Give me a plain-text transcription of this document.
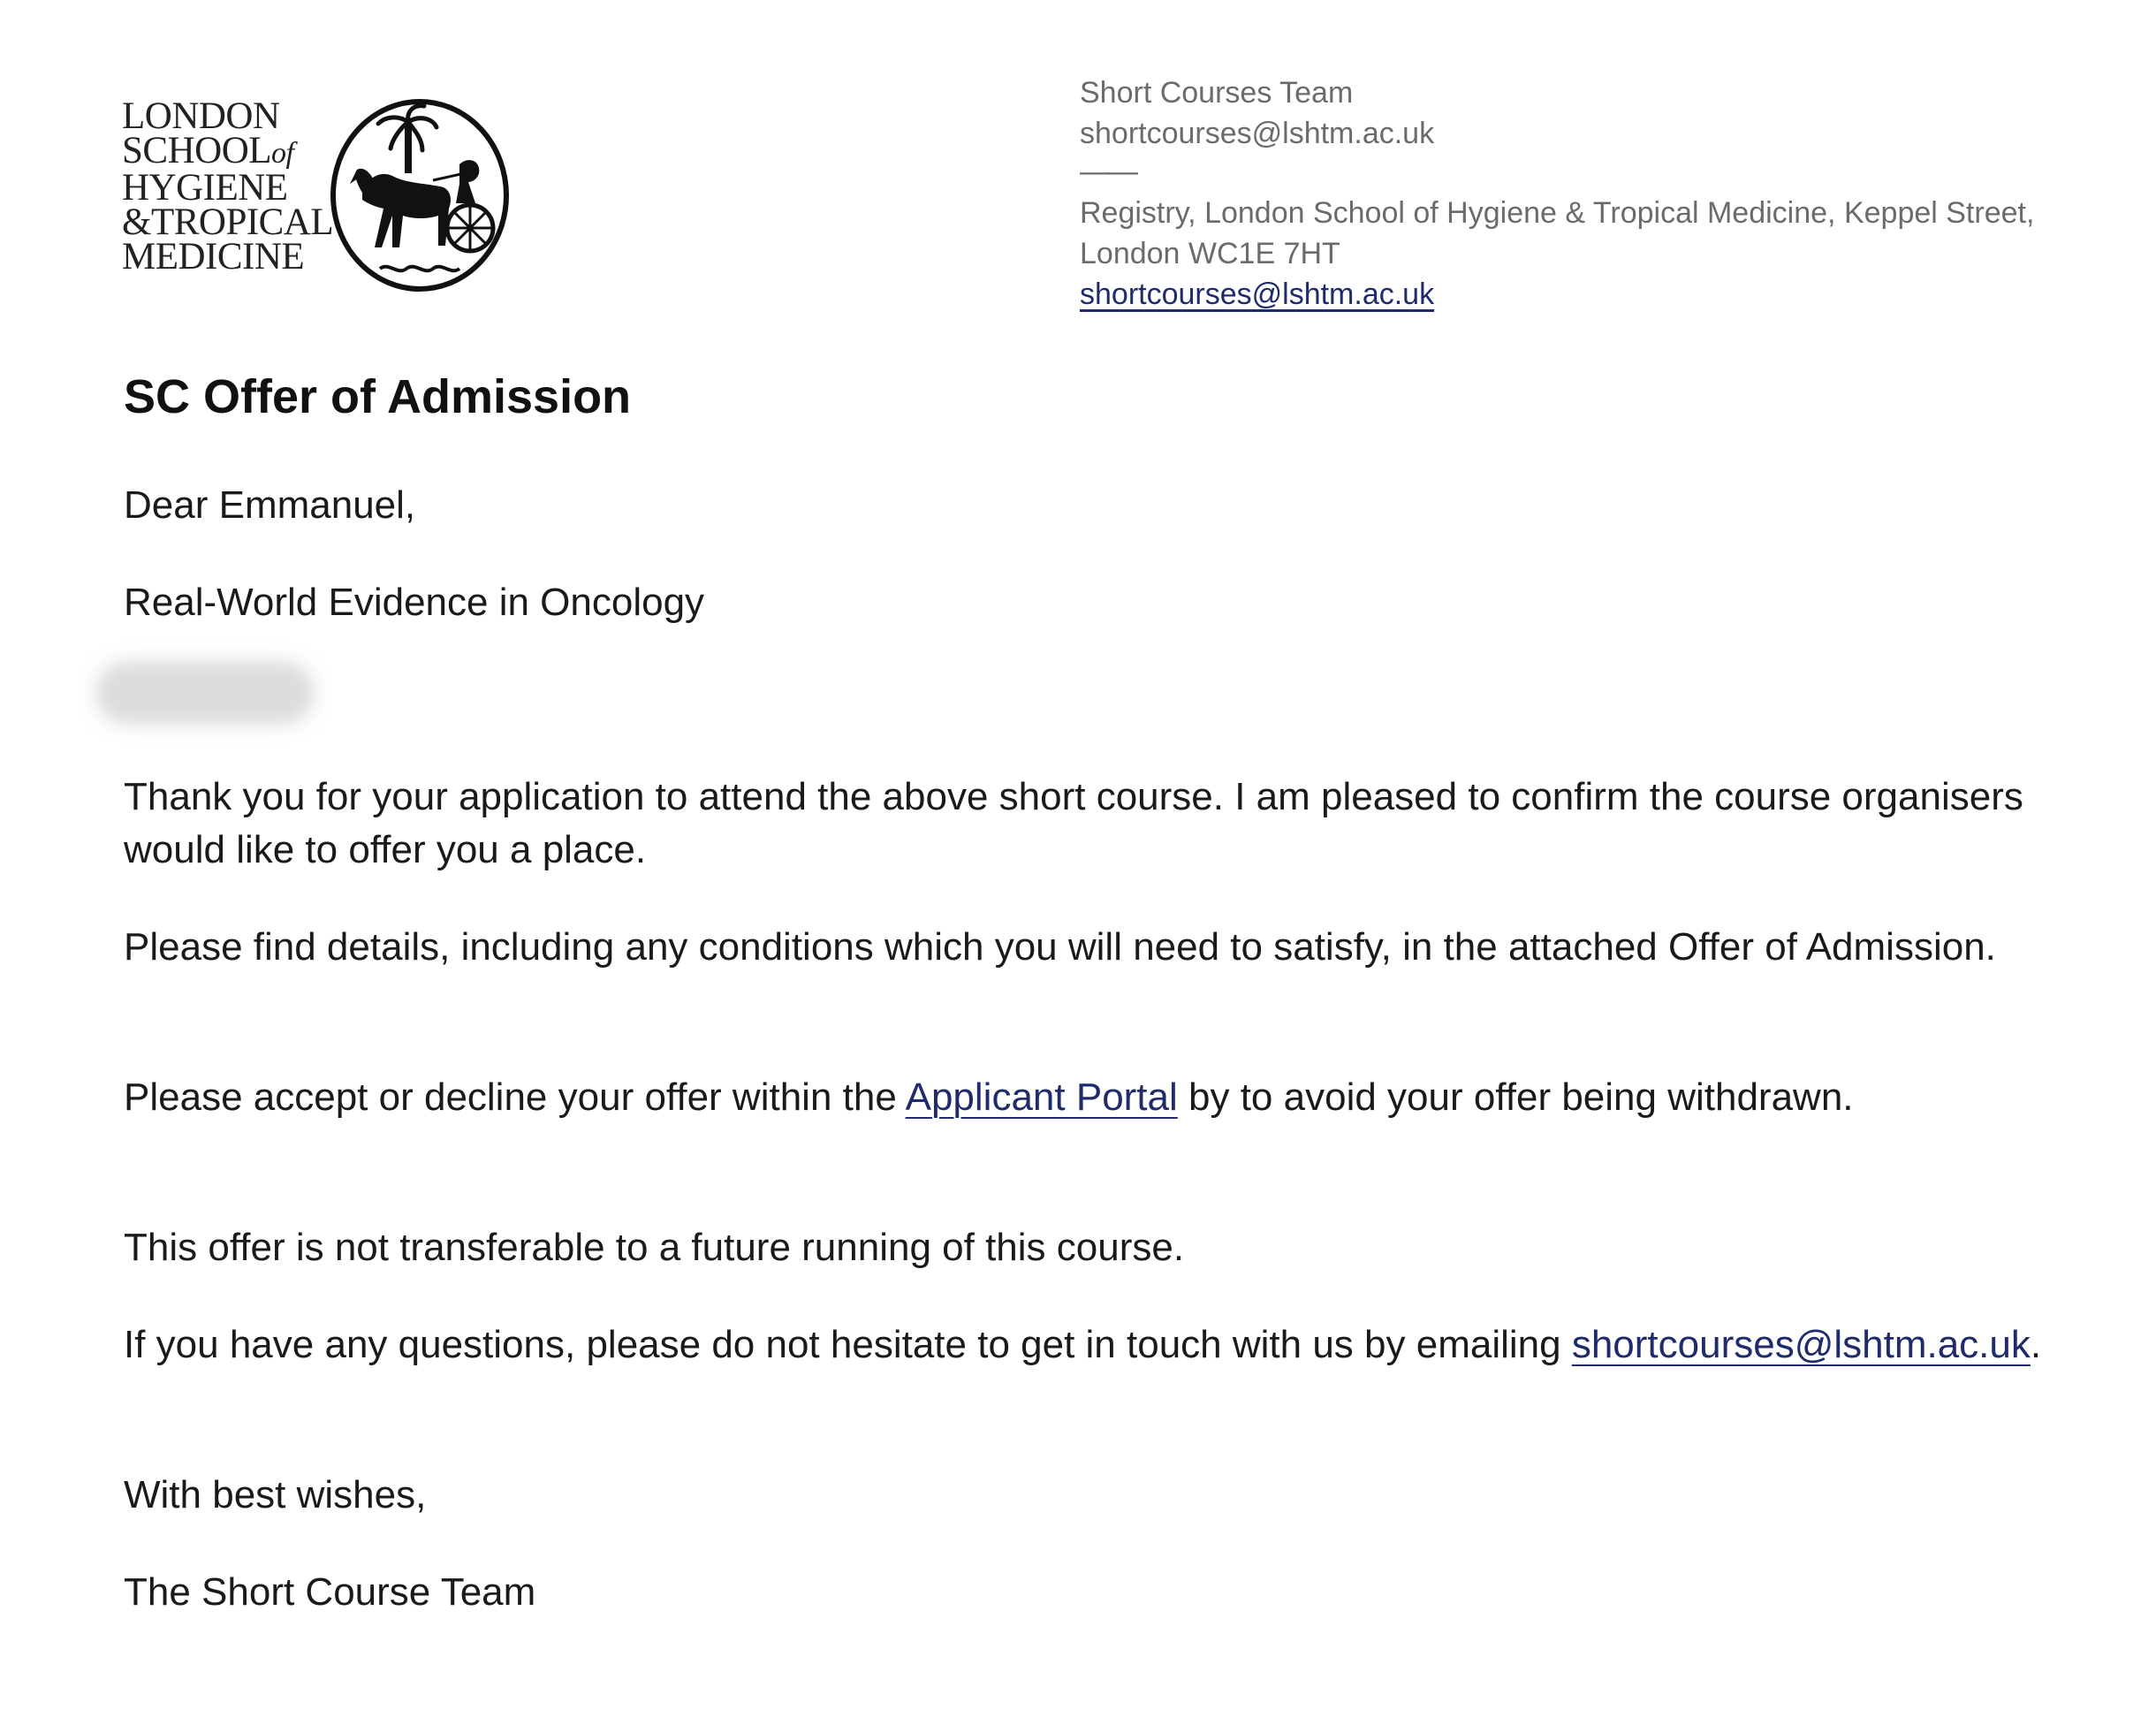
LONDON
SCHOOLof
HYGIENE
&TROPICAL
MEDICINE
Short Courses Team
shortcourses@lshtm.ac.uk
——
Registry, London School of Hygiene & Tropical Medicine, Keppel Street, London WC1E 7HT
shortcourses@lshtm.ac.uk
SC Offer of Admission

Dear Emmanuel,

Real-World Evidence in Oncology

Thank you for your application to attend the above short course. I am pleased to confirm the course organisers would like to offer you a place.

Please find details, including any conditions which you will need to satisfy, in the attached Offer of Admission.

Please accept or decline your offer within the Applicant Portal by to avoid your offer being withdrawn.

This offer is not transferable to a future running of this course.

If you have any questions, please do not hesitate to get in touch with us by emailing shortcourses@lshtm.ac.uk.

With best wishes,

The Short Course Team
